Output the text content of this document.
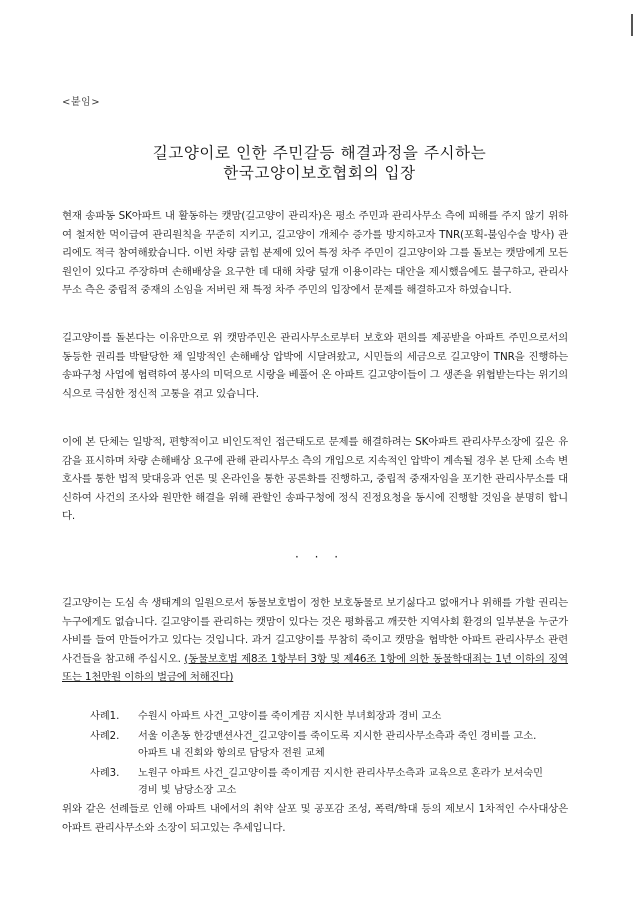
<붙임>
길고양이로 인한 주민갈등 해결과정을 주시하는
한국고양이보호협회의 입장

현재 송파동 SK아파트 내 활동하는 캣맘(길고양이 관리자)은 평소 주민과 관리사무소 측에 피해를 주지 않기 위하여 철저한 먹이급여 관리원칙을 꾸준히 지키고, 길고양이 개체수 증가를 방지하고자 TNR(포획-불임수술 방사) 관리에도 적극 참여해왔습니다. 이번 차량 긁힘 분제에 있어 특정 차주 주민이 길고양이와 그를 돌보는 캣맘에게 모든 원인이 있다고 주장하며 손해배상을 요구한 데 대해 차량 덮개 이용이라는 대안을 제시했음에도 불구하고, 관리사무소 측은 중립적 중재의 소임을 저버린 채 특정 차주 주민의 입장에서 문제를 해결하고자 하였습니다.

길고양이를 돌본다는 이유만으로 위 캣맘주민은 관리사무소로부터 보호와 편의를 제공받을 아파트 주민으로서의 동등한 권리를 박탈당한 채 일방적인 손해배상 압박에 시달려왔고, 시민들의 세금으로 길고양이 TNR을 진행하는 송파구청 사업에 협력하여 봉사의 미덕으로 시랑을 베풀어 온 아파트 길고양이들이 그 생존을 위협받는다는 위기의식으로 극심한 정신적 고통을 겪고 있습니다.

이에 본 단체는 일방적, 편향적이고 비인도적인 접근태도로 문제를 해결하려는 SK아파트 관리사무소장에 깊은 유감을 표시하며 차량 손해배상 요구에 관해 관리사무소 측의 개입으로 지속적인 압박이 계속될 경우 본 단체 소속 변호사를 통한 법적 맞대응과 언론 및 온라인을 통한 공론화를 진행하고, 중립적 중재자임을 포기한 관리사무소를 대신하여 사건의 조사와 원만한 해결을 위해 관할인 송파구청에 정식 진정요청을 동시에 진행할 것임을 분명히 합니다.

· · ·

길고양이는 도심 속 생태계의 일원으로서 동물보호법이 정한 보호동물로 보기싫다고 없애거나 위해를 가할 권리는 누구에게도 없습니다. 길고양이를 관리하는 캣맘이 있다는 것은 평화롭고 깨끗한 지역사회 환경의 일부분을 누군가 사비를 들여 만들어가고 있다는 것입니다. 과거 길고양이를 무참히 죽이고 캣맘을 협박한 아파트 관리사무소 관련 사건들을 참고해 주십시오. (동물보호법 제8조 1항부터 3항 및 제46조 1항에 의한 동물학대죄는 1년 이하의 징역 또는 1천만원 이하의 벌금에 처해진다)

사례1. 수원시 아파트 사건_고양이를 죽이게끔 지시한 부녀회장과 경비 고소
사례2. 서울 이촌동 한강맨션사건_길고양이를 죽이도록 지시한 관리사무소측과 죽인 경비를 고소.
아파트 내 진회와 항의로 담당자 전원 교체
사례3. 노원구 아파트 사건_길고양이를 죽이게끔 지시한 관리사무소측과 교육으로 혼라가 보셔숙민
경비 빛 남당소장 고소

위와 같은 선례들로 인해 아파트 내에서의 취약 살포 및 공포감 조성, 폭력/학대 등의 제보시 1차적인 수사대상은 아파트 관리사무소와 소장이 되고있는 추세입니다.
